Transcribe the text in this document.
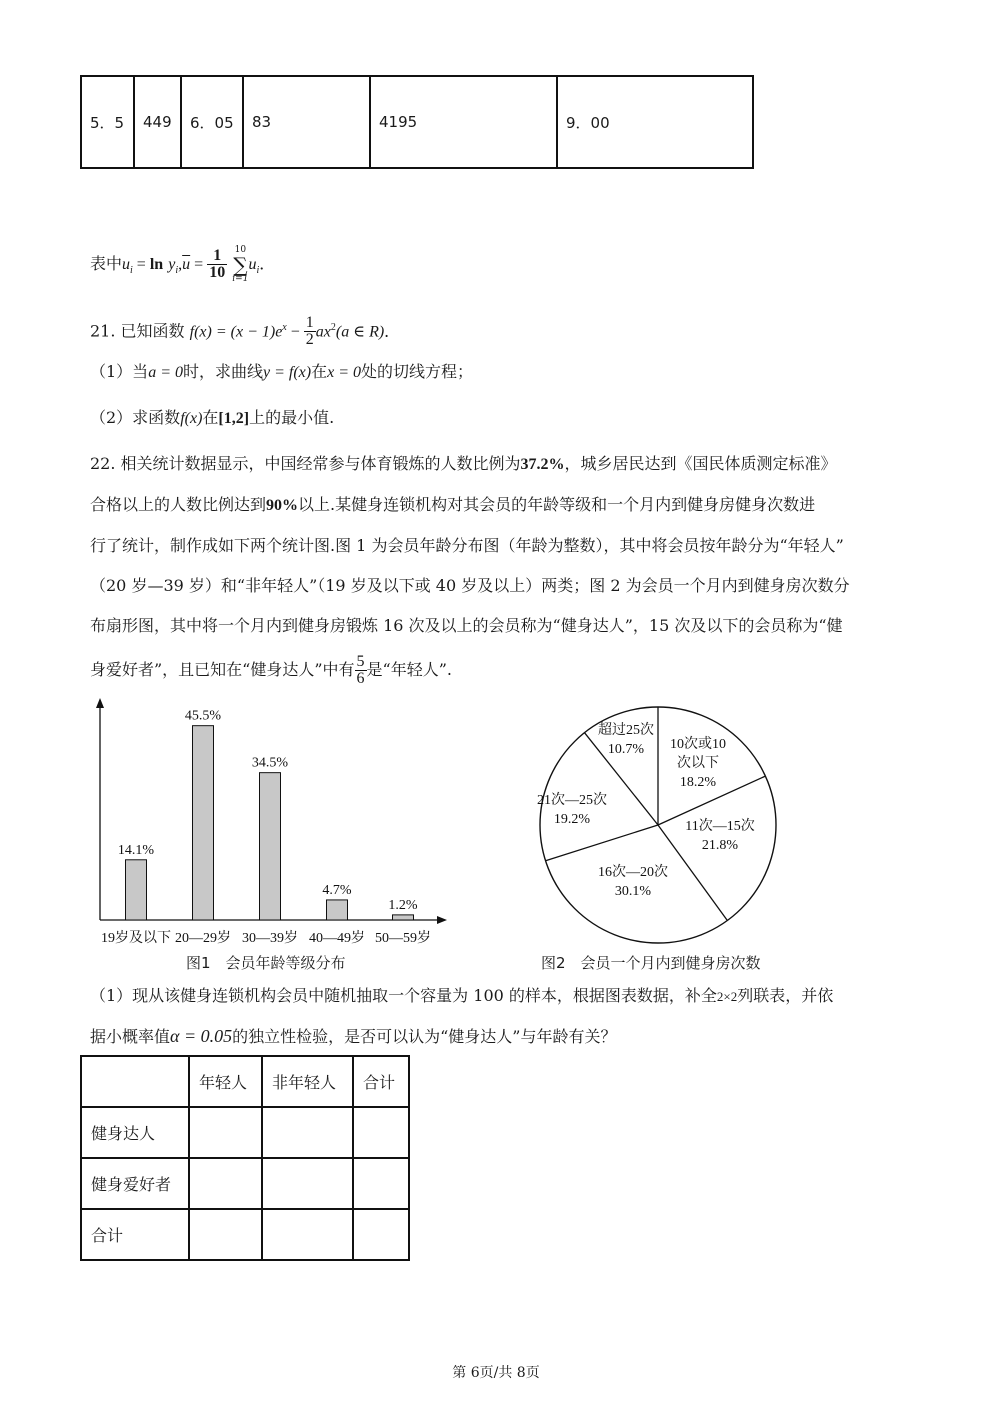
5．5	449	6．05	83	4195	9．00
表中$u_i = \ln y_i,\overline{u} = \frac{1}{10}$
10
∑
i=1
$u_i$．
21. 已知函数 $f(x) = (x - 1)e^x - \frac{1}{2} ax^2(a$ ∈ R)．
（1）当a = 0时，求曲线y = f(x)在x = 0处的切线方程；
（2）求函数f(x)在[1,2]上的最小值.
22. 相关统计数据显示，中国经常参与体育锻炼的人数比例为37.2%，城乡居民达到《国民体质测定标准》
合格以上的人数比例达到90%以上.某健身连锁机构对其会员的年龄等级和一个月内到健身房健身次数进
行了统计，制作成如下两个统计图.图 1 为会员年龄分布图（年龄为整数），其中将会员按年龄分为“年轻人”
（20 岁—39 岁）和“非年轻人”（19 岁及以下或 40 岁及以上）两类；图 2 为会员一个月内到健身房次数分
布扇形图，其中将一个月内到健身房锻炼 16 次及以上的会员称为“健身达人”，15 次及以下的会员称为“健
身爱好者”，且已知在“健身达人”中有 $\frac{5}{6}$ 是“年轻人”.
14.1%
19岁及以下
45.5%
20—29岁
34.5%
30—39岁
4.7%
40—49岁
1.2%
50—59岁
图1　会员年龄等级分布
10次或10
次以下
18.2%
11次—15次
21.8%
16次—20次
30.1%
21次—25次
19.2%
超过25次
10.7%
图2　会员一个月内到健身房次数
（1）现从该健身连锁机构会员中随机抽取一个容量为 100 的样本，根据图表数据，补全2×2列联表，并依
据小概率值α = 0.05的独立性检验，是否可以认为“健身达人”与年龄有关？
	年轻人	非年轻人	合计
健身达人			
健身爱好者			
合计			
第 6页/共 8页
